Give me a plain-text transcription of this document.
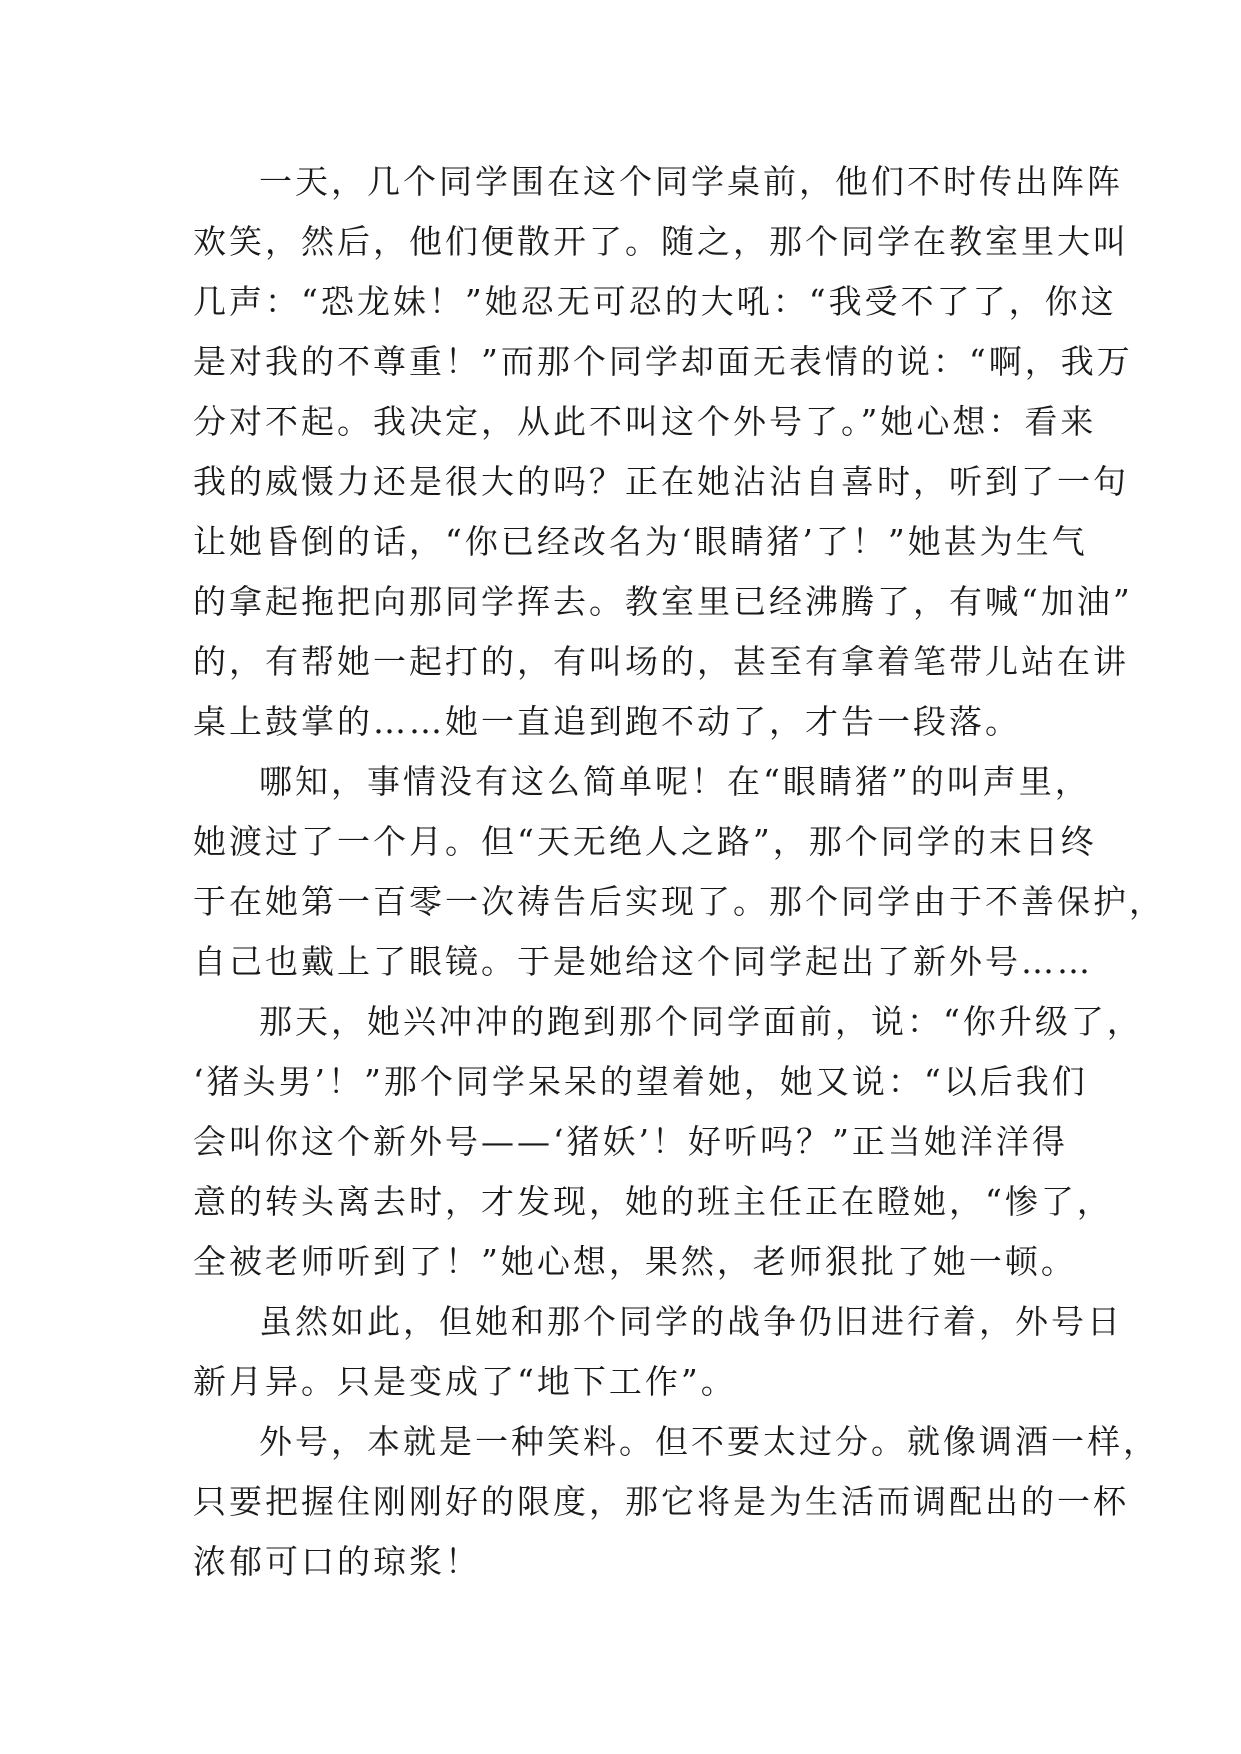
一天，几个同学围在这个同学桌前，他们不时传出阵阵
欢笑，然后，他们便散开了。随之，那个同学在教室里大叫
几声：“恐龙妹！”她忍无可忍的大吼：“我受不了了，你这
是对我的不尊重！”而那个同学却面无表情的说：“啊，我万
分对不起。我决定，从此不叫这个外号了。”她心想：看来
我的威慑力还是很大的吗？正在她沾沾自喜时，听到了一句
让她昏倒的话，“你已经改名为‘眼睛猪’了！”她甚为生气
的拿起拖把向那同学挥去。教室里已经沸腾了，有喊“加油”
的，有帮她一起打的，有叫场的，甚至有拿着笔带儿站在讲
桌上鼓掌的……她一直追到跑不动了，才告一段落。
哪知，事情没有这么简单呢！在“眼睛猪”的叫声里，
她渡过了一个月。但“天无绝人之路”，那个同学的末日终
于在她第一百零一次祷告后实现了。那个同学由于不善保护，
自己也戴上了眼镜。于是她给这个同学起出了新外号……
那天，她兴冲冲的跑到那个同学面前，说：“你升级了，
‘猪头男’！”那个同学呆呆的望着她，她又说：“以后我们
会叫你这个新外号——‘猪妖’！好听吗？”正当她洋洋得
意的转头离去时，才发现，她的班主任正在瞪她，“惨了，
全被老师听到了！”她心想，果然，老师狠批了她一顿。
虽然如此，但她和那个同学的战争仍旧进行着，外号日
新月异。只是变成了“地下工作”。
外号，本就是一种笑料。但不要太过分。就像调酒一样，
只要把握住刚刚好的限度，那它将是为生活而调配出的一杯
浓郁可口的琼浆！
